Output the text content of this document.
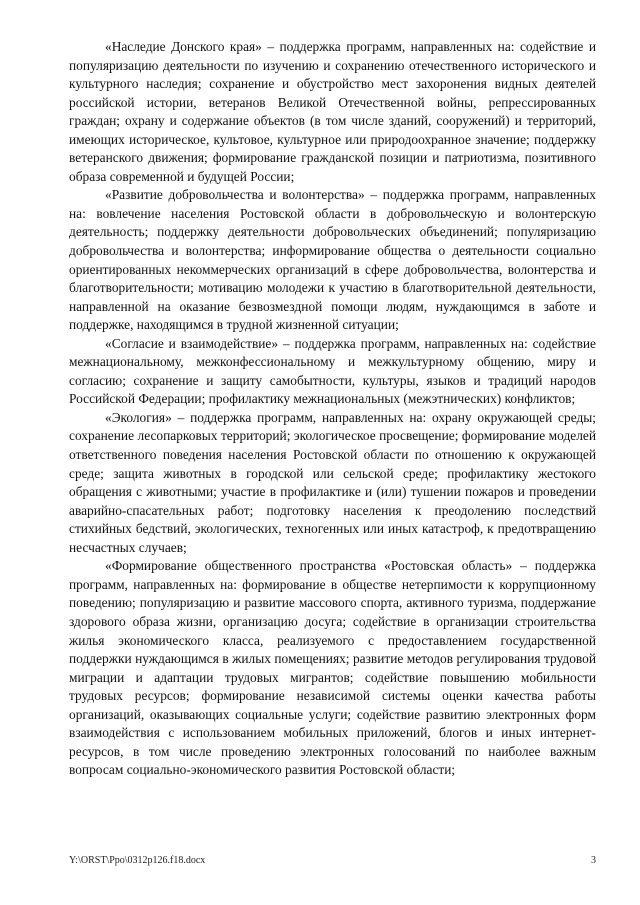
«Наследие Донского края» – поддержка программ, направленных на: содействие и популяризацию деятельности по изучению и сохранению отечественного исторического и культурного наследия; сохранение и обустройство мест захоронения видных деятелей российской истории, ветеранов Великой Отечественной войны, репрессированных граждан; охрану и содержание объектов (в том числе зданий, сооружений) и территорий, имеющих историческое, культовое, культурное или природоохранное значение; поддержку ветеранского движения; формирование гражданской позиции и патриотизма, позитивного образа современной и будущей России;

«Развитие добровольчества и волонтерства» – поддержка программ, направленных на: вовлечение населения Ростовской области в добровольческую и волонтерскую деятельность; поддержку деятельности добровольческих объединений; популяризацию добровольчества и волонтерства; информирование общества о деятельности социально ориентированных некоммерческих организаций в сфере добровольчества, волонтерства и благотворительности; мотивацию молодежи к участию в благотворительной деятельности, направленной на оказание безвозмездной помощи людям, нуждающимся в заботе и поддержке, находящимся в трудной жизненной ситуации;

«Согласие и взаимодействие» – поддержка программ, направленных на: содействие межнациональному, межконфессиональному и межкультурному общению, миру и согласию; сохранение и защиту самобытности, культуры, языков и традиций народов Российской Федерации; профилактику межнациональных (межэтнических) конфликтов;

«Экология» – поддержка программ, направленных на: охрану окружающей среды; сохранение лесопарковых территорий; экологическое просвещение; формирование моделей ответственного поведения населения Ростовской области по отношению к окружающей среде; защита животных в городской или сельской среде; профилактику жестокого обращения с животными; участие в профилактике и (или) тушении пожаров и проведении аварийно-спасательных работ; подготовку населения к преодолению последствий стихийных бедствий, экологических, техногенных или иных катастроф, к предотвращению несчастных случаев;

«Формирование общественного пространства «Ростовская область» – поддержка программ, направленных на: формирование в обществе нетерпимости к коррупционному поведению; популяризацию и развитие массового спорта, активного туризма, поддержание здорового образа жизни, организацию досуга; содействие в организации строительства жилья экономического класса, реализуемого с предоставлением государственной поддержки нуждающимся в жилых помещениях; развитие методов регулирования трудовой миграции и адаптации трудовых мигрантов; содействие повышению мобильности трудовых ресурсов; формирование независимой системы оценки качества работы организаций, оказывающих социальные услуги; содействие развитию электронных форм взаимодействия с использованием мобильных приложений, блогов и иных интернет-ресурсов, в том числе проведению электронных голосований по наиболее важным вопросам социально-экономического развития Ростовской области;

Y:\ORST\Ppo\0312p126.f18.docx	3
